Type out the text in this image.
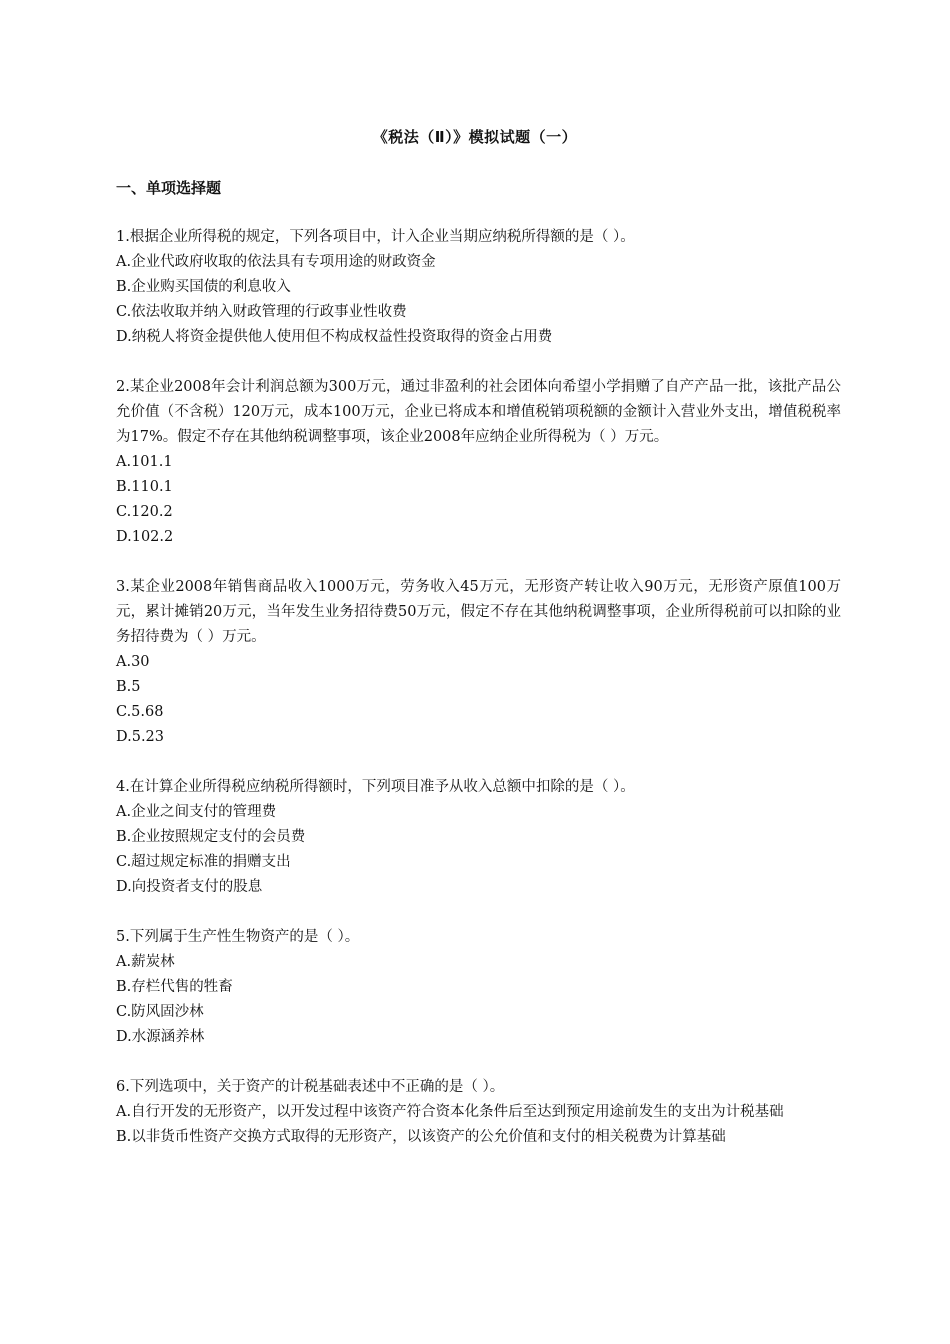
《税法（Ⅱ）》模拟试题（一）
一、单项选择题
1.根据企业所得税的规定，下列各项目中，计入企业当期应纳税所得额的是（ ）。
A.企业代政府收取的依法具有专项用途的财政资金
B.企业购买国债的利息收入
C.依法收取并纳入财政管理的行政事业性收费
D.纳税人将资金提供他人使用但不构成权益性投资取得的资金占用费
2.某企业2008年会计利润总额为300万元，通过非盈利的社会团体向希望小学捐赠了自产产品一批，该批产品公允价值（不含税）120万元，成本100万元，企业已将成本和增值税销项税额的金额计入营业外支出，增值税税率为17%。假定不存在其他纳税调整事项，该企业2008年应纳企业所得税为（ ）万元。
A.101.1
B.110.1
C.120.2
D.102.2
3.某企业2008年销售商品收入1000万元，劳务收入45万元，无形资产转让收入90万元，无形资产原值100万元，累计摊销20万元，当年发生业务招待费50万元，假定不存在其他纳税调整事项，企业所得税前可以扣除的业务招待费为（ ）万元。
A.30
B.5
C.5.68
D.5.23
4.在计算企业所得税应纳税所得额时，下列项目准予从收入总额中扣除的是（ ）。
A.企业之间支付的管理费
B.企业按照规定支付的会员费
C.超过规定标准的捐赠支出
D.向投资者支付的股息
5.下列属于生产性生物资产的是（ ）。
A.薪炭林
B.存栏代售的牲畜
C.防风固沙林
D.水源涵养林
6.下列选项中，关于资产的计税基础表述中不正确的是（ ）。
A.自行开发的无形资产，以开发过程中该资产符合资本化条件后至达到预定用途前发生的支出为计税基础
B.以非货币性资产交换方式取得的无形资产，以该资产的公允价值和支付的相关税费为计算基础
